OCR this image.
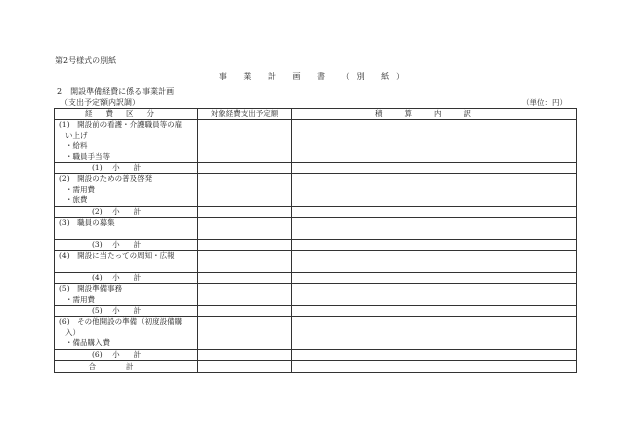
第2号様式の別紙
事 業 計 画 書 （別 紙）
2　開設準備経費に係る事業計画
（支出予定額内訳調）	（単位：円）
経費区分	対象経費支出予定額	積算内訳

(1)　開設前の看護・介護職員等の雇
い上げ
・給料
・職員手当等		

(1) 小計		

(2)　開設のための普及啓発
・需用費
・旅費		

(2) 小計		

(3)　職員の募集		

(3) 小計		

(4)　開設に当たっての周知・広報		

(4) 小計		

(5)　開設準備事務
・需用費		

(5) 小計		

(6)　その他開設の準備（初度設備購
入）
・備品購入費		

(6) 小計		
合計		
